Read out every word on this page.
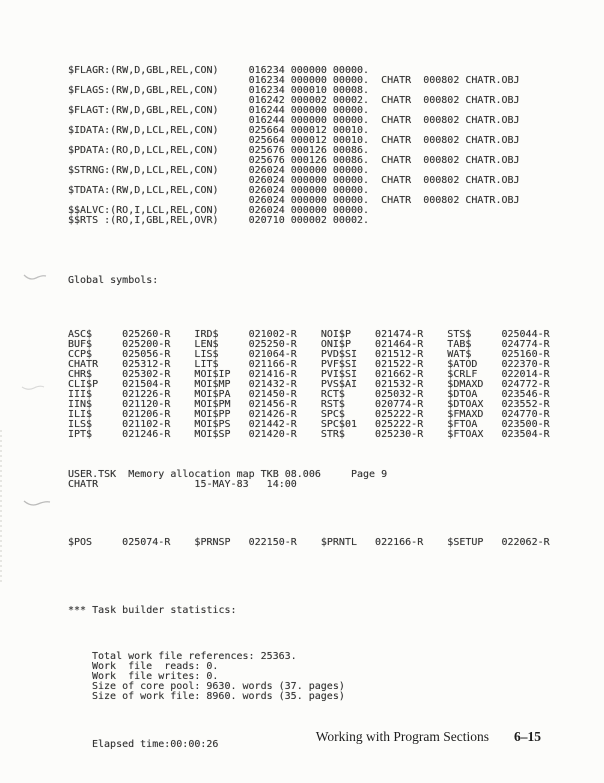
$FLAGR:(RW,D,GBL,REL,CON)     016234 000000 00000.
016234 000000 00000.  CHATR  000802 CHATR.OBJ
$FLAGS:(RW,D,GBL,REL,CON)     016234 000010 00008.
016242 000002 00002.  CHATR  000802 CHATR.OBJ
$FLAGT:(RW,D,GBL,REL,CON)     016244 000000 00000.
016244 000000 00000.  CHATR  000802 CHATR.OBJ
$IDATA:(RW,D,LCL,REL,CON)     025664 000012 00010.
025664 000012 00010.  CHATR  000802 CHATR.OBJ
$PDATA:(RO,D,LCL,REL,CON)     025676 000126 00086.
025676 000126 00086.  CHATR  000802 CHATR.OBJ
$STRNG:(RW,D,LCL,REL,CON)     026024 000000 00000.
026024 000000 00000.  CHATR  000802 CHATR.OBJ
$TDATA:(RW,D,LCL,REL,CON)     026024 000000 00000.
026024 000000 00000.  CHATR  000802 CHATR.OBJ
$$ALVC:(RO,I,LCL,REL,CON)     026024 000000 00000.
$$RTS :(RO,I,GBL,REL,OVR)     020710 000002 00002.

Global symbols:

ASC$     025260-R    IRD$     021002-R    NOI$P    021474-R    STS$     025044-R
BUF$     025200-R    LEN$     025250-R    ONI$P    021464-R    TAB$     024774-R
CCP$     025056-R    LIS$     021064-R    PVD$SI   021512-R    WAT$     025160-R
CHATR    025312-R    LIT$     021166-R    PVF$SI   021522-R    $ATOD    022370-R
CHR$     025302-R    MOI$IP   021416-R    PVI$SI   021662-R    $CRLF    022014-R
CLI$P    021504-R    MOI$MP   021432-R    PVS$AI   021532-R    $DMAXD   024772-R
III$     021226-R    MOI$PA   021450-R    RCT$     025032-R    $DTOA    023546-R
IIN$     021120-R    MOI$PM   021456-R    RST$     020774-R    $DTOAX   023552-R
ILI$     021206-R    MOI$PP   021426-R    SPC$     025222-R    $FMAXD   024770-R
ILS$     021102-R    MOI$PS   021442-R    SPC$01   025222-R    $FTOA    023500-R
IPT$     021246-R    MOI$SP   021420-R    STR$     025230-R    $FTOAX   023504-R

USER.TSK  Memory allocation map TKB 08.006     Page 9
CHATR                15-MAY-83   14:00

$POS     025074-R    $PRNSP   022150-R    $PRNTL   022166-R    $SETUP   022062-R

*** Task builder statistics:

Total work file references: 25363.
Work  file  reads: 0.
Work  file writes: 0.
Size of core pool: 9630. words (37. pages)
Size of work file: 8960. words (35. pages)

Elapsed time:00:00:26

Working with Program Sections 6–15
